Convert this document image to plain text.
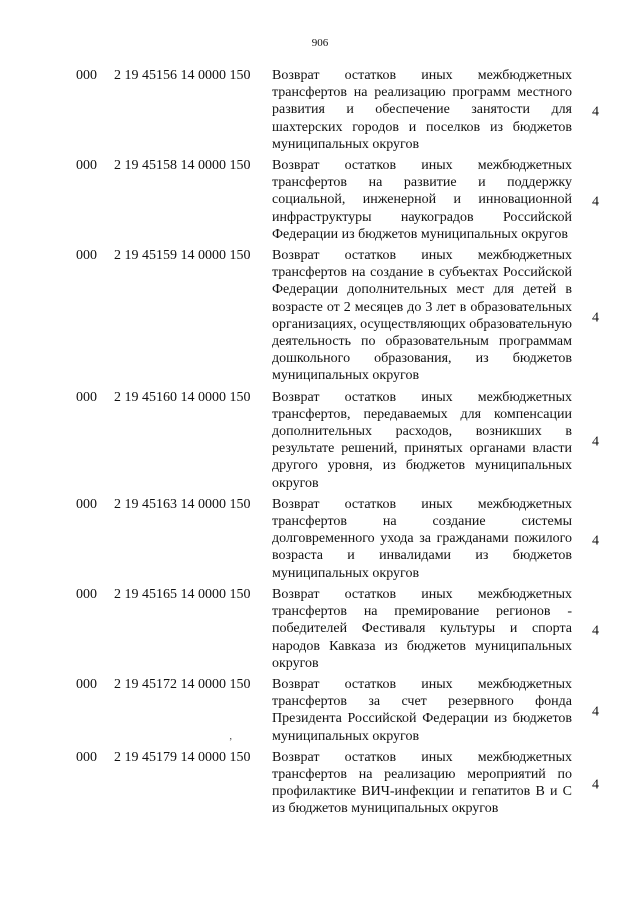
906
000 2 19 45156 14 0000 150 Возврат остатков иных межбюджетных трансфертов на реализацию программ местного развития и обеспечение занятости для шахтерских городов и поселков из бюджетов муниципальных округов
4
000 2 19 45158 14 0000 150 Возврат остатков иных межбюджетных трансфертов на развитие и поддержку социальной, инженерной и инновационной инфраструктуры наукоградов Российской Федерации из бюджетов муниципальных округов
4
000 2 19 45159 14 0000 150 Возврат остатков иных межбюджетных трансфертов на создание в субъектах Российской Федерации дополнительных мест для детей в возрасте от 2 месяцев до 3 лет в образовательных организациях, осуществляющих образовательную деятельность по образовательным программам дошкольного образования, из бюджетов муниципальных округов
4
000 2 19 45160 14 0000 150 Возврат остатков иных межбюджетных трансфертов, передаваемых для компенсации дополнительных расходов, возникших в результате решений, принятых органами власти другого уровня, из бюджетов муниципальных округов
4
000 2 19 45163 14 0000 150 Возврат остатков иных межбюджетных трансфертов на создание системы долговременного ухода за гражданами пожилого возраста и инвалидами из бюджетов муниципальных округов
4
000 2 19 45165 14 0000 150 Возврат остатков иных межбюджетных трансфертов на премирование регионов - победителей Фестиваля культуры и спорта народов Кавказа из бюджетов муниципальных округов
4
000 2 19 45172 14 0000 150 Возврат остатков иных межбюджетных трансфертов за счет резервного фонда Президента Российской Федерации из бюджетов муниципальных округов
4
000 2 19 45179 14 0000 150 Возврат остатков иных межбюджетных трансфертов на реализацию мероприятий по профилактике ВИЧ-инфекции и гепатитов В и С из бюджетов муниципальных округов
4
’
